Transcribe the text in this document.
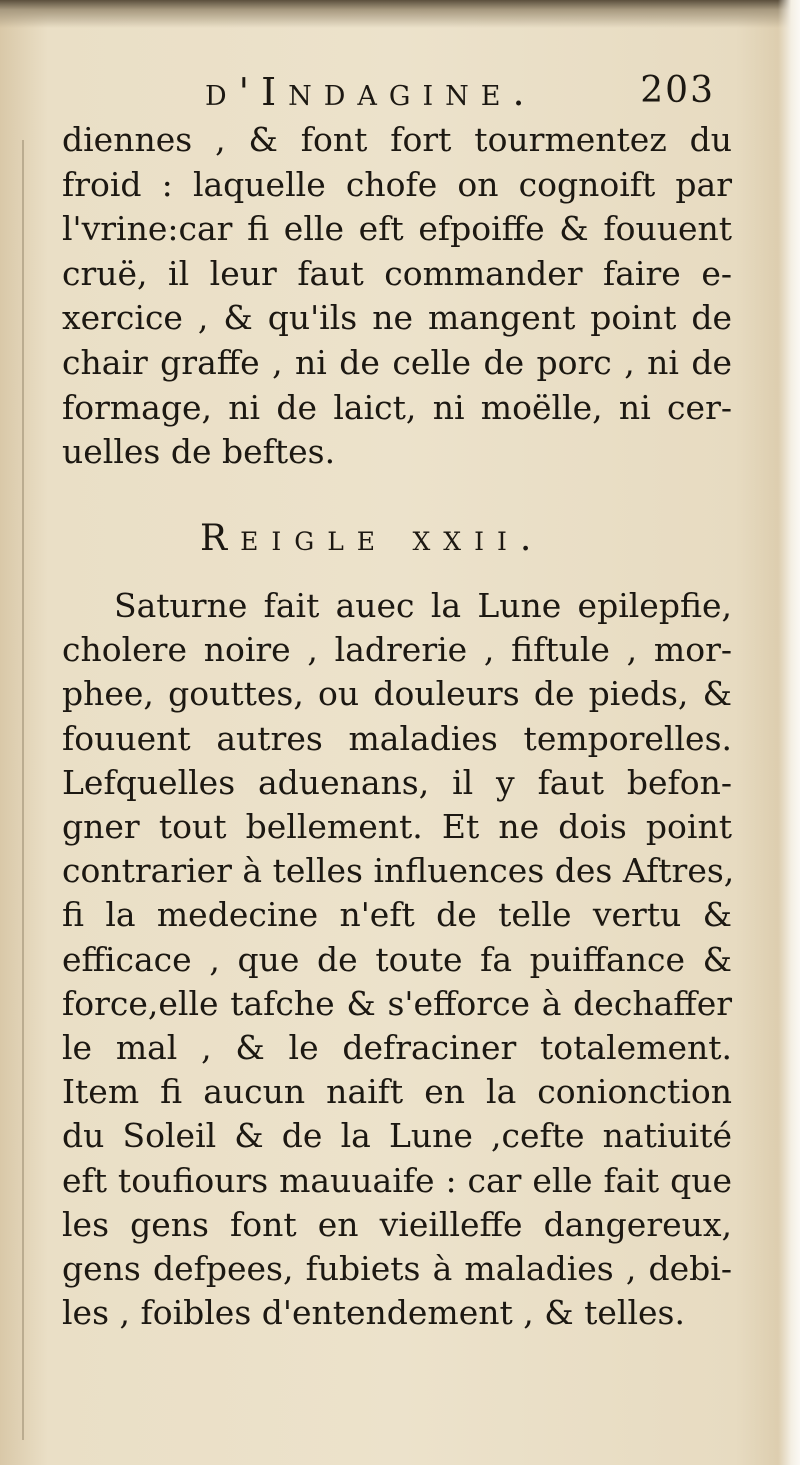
d'Indagine.	203
diennes , & font fort tourmentez du
froid : laquelle chofe on cognoift par
l'vrine:car fi elle eft efpoiffe & fouuent
cruë, il leur faut commander faire e-
xercice , & qu'ils ne mangent point de
chair graffe , ni de celle de porc , ni de
formage, ni de laict, ni moëlle, ni cer-
uelles de beftes.
Reigle xxii.
Saturne fait auec la Lune epilepfie,
cholere noire , ladrerie , fiftule , mor-
phee, gouttes, ou douleurs de pieds, &
fouuent autres maladies temporelles.
Lefquelles aduenans, il y faut befon-
gner tout bellement. Et ne dois point
contrarier à telles influences des Aftres,
fi la medecine n'eft de telle vertu &
efficace , que de toute fa puiffance &
force,elle tafche & s'efforce à dechaffer
le mal , & le defraciner totalement.
Item fi aucun naift en la conionction
du Soleil & de la Lune ,cefte natiuité
eft toufiours mauuaife : car elle fait que
les gens font en vieilleffe dangereux,
gens defpees, fubiets à maladies , debi-
les , foibles d'entendement , & telles.
